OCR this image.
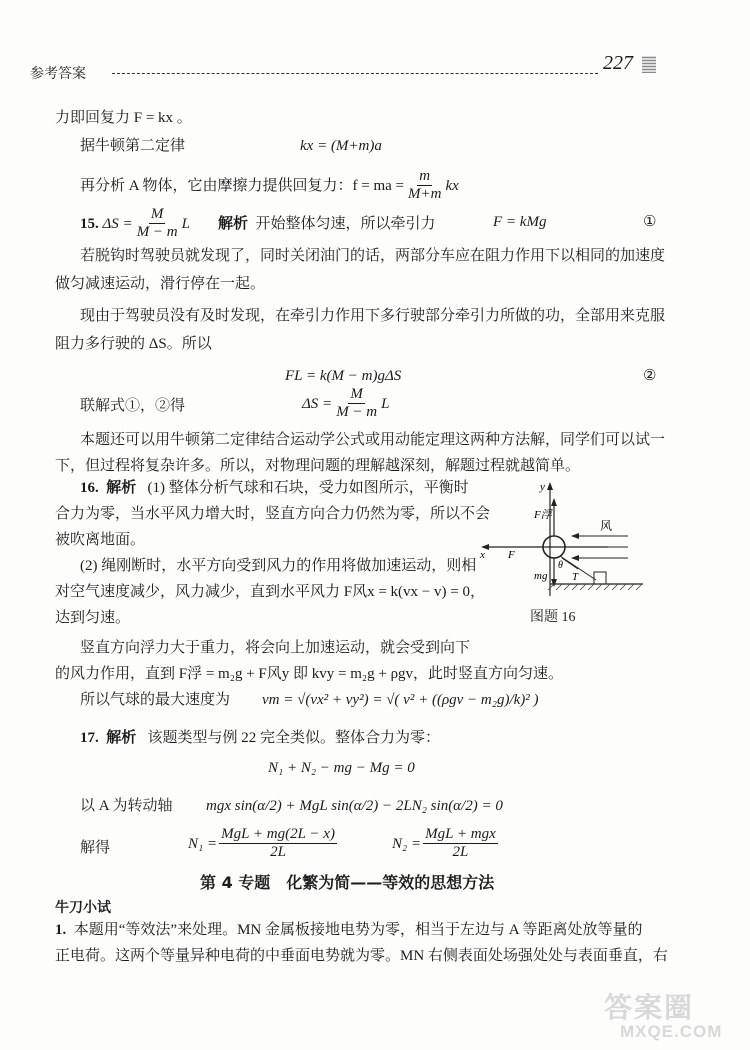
参考答案	227
力即回复力 F = kx 。
据牛顿第二定律	kx = (M+m)a
再分析 A 物体，它由摩擦力提供回复力：f = ma = $\frac{m}{M+m}$ kx
15.
$\Delta S = \frac{M}{M - m}$ L 解析
开始整体匀速，所以牵引力	F = kMg	①
若脱钩时驾驶员就发现了，同时关闭油门的话，两部分车应在阻力作用下以相同的加速度
做匀减速运动，滑行停在一起。
现由于驾驶员没有及时发现，在牵引力作用下多行驶部分牵引力所做的功，全部用来克服
阻力多行驶的 ΔS。所以
FL = k(M − m)gΔS	②
联解式①，②得	$\Delta S = \frac{M}{M - m}$ L
本题还可以用牛顿第二定律结合运动学公式或用动能定理这两种方法解，同学们可以试一
下，但过程将复杂许多。所以，对物理问题的理解越深刻，解题过程就越简单。
16. 解析 (1) 整体分析气球和石块，受力如图所示，平衡时
合力为零，当水平风力增大时，竖直方向合力仍然为零，所以不会
被吹离地面。
(2) 绳刚断时，水平方向受到风力的作用将做加速运动，则相
对空气速度减少，风力减少，直到水平风力 F风x = k(vx − v) = 0，
达到匀速。
竖直方向浮力大于重力，将会向上加速运动，就会受到向下
的风力作用，直到 F浮 = m₂g + F风y 即 kvy = m₂g + ρgv，此时竖直方向匀速。
所以气球的最大速度为 vm = √(vx² + vy²) = √( v² + ((ρgv − m₂g)/k)² )
y
x
F浮
风
F
θ
T
mg
图题 16
17. 解析 该题类型与例 22 完全类似。整体合力为零：
N₁ + N₂ − mg − Mg = 0
以 A 为转动轴 mgx sin(α/2) + MgL sin(α/2) − 2LN₂ sin(α/2) = 0
解得	$N_1 = \frac{\text{MgL + mg(2L − x)}}{2L}$	$N_2 = \frac{\text{MgL + mgx}}{2L}$
第 4 专题　化繁为简——等效的思想方法
牛刀小试
1. 本题用“等效法”来处理。MN 金属板接地电势为零，相当于左边与 A 等距离处放等量的
正电荷。这两个等量异种电荷的中垂面电势就为零。MN 右侧表面处场强处处与表面垂直，右
答案圈
MXQE.COM
